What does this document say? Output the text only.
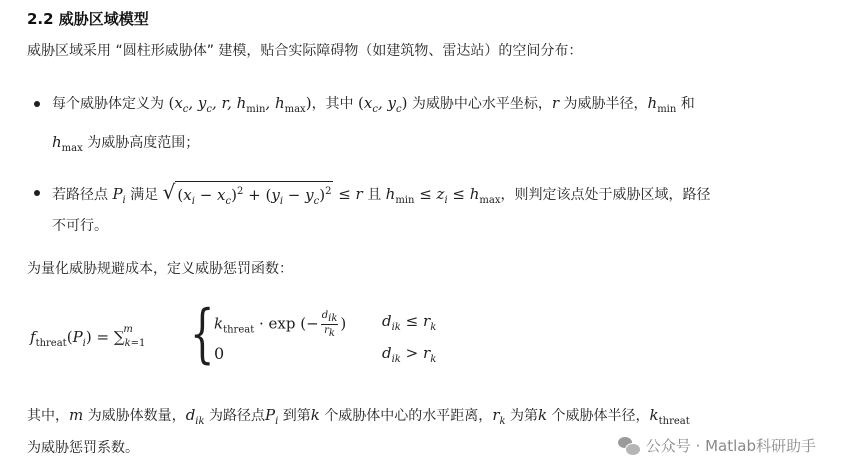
2.2 威胁区域模型
威胁区域采用 “圆柱形威胁体” 建模，贴合实际障碍物（如建筑物、雷达站）的空间分布：
每个威胁体定义为 ($x_c$, $y_c$, r, $h_{min}$, $h_{max}$)，其中 ($x_c$, $y_c$) 为威胁中心水平坐标，r 为威胁半径，$h_{min}$ 和
$h_{max}$ 为威胁高度范围；
若路径点 $P_i$ 满足 √ $(x_i - x_c)^2 + (y_i - y_c)^2 \le r$ 且 $h_{min} \le z_i \le h_{max}$，则判定该点处于威胁区域，路径
不可行。
为量化威胁规避成本，定义威胁惩罚函数：
$f_{threat}(P_i) = \sum_{k=1}^m$ { $k_{threat} \cdot \exp$ (− $\frac{d_{ik}}{r_k}$ ) $d_{ik} \le r_k$
0	$d_{ik} > r_k$
其中，m 为威胁体数量，$d_{ik}$ 为路径点$P_i$ 到第k 个威胁体中心的水平距离，$r_k$ 为第k 个威胁体半径，$k_{threat}$
为威胁惩罚系数。	公众号 · Matlab科研助手
